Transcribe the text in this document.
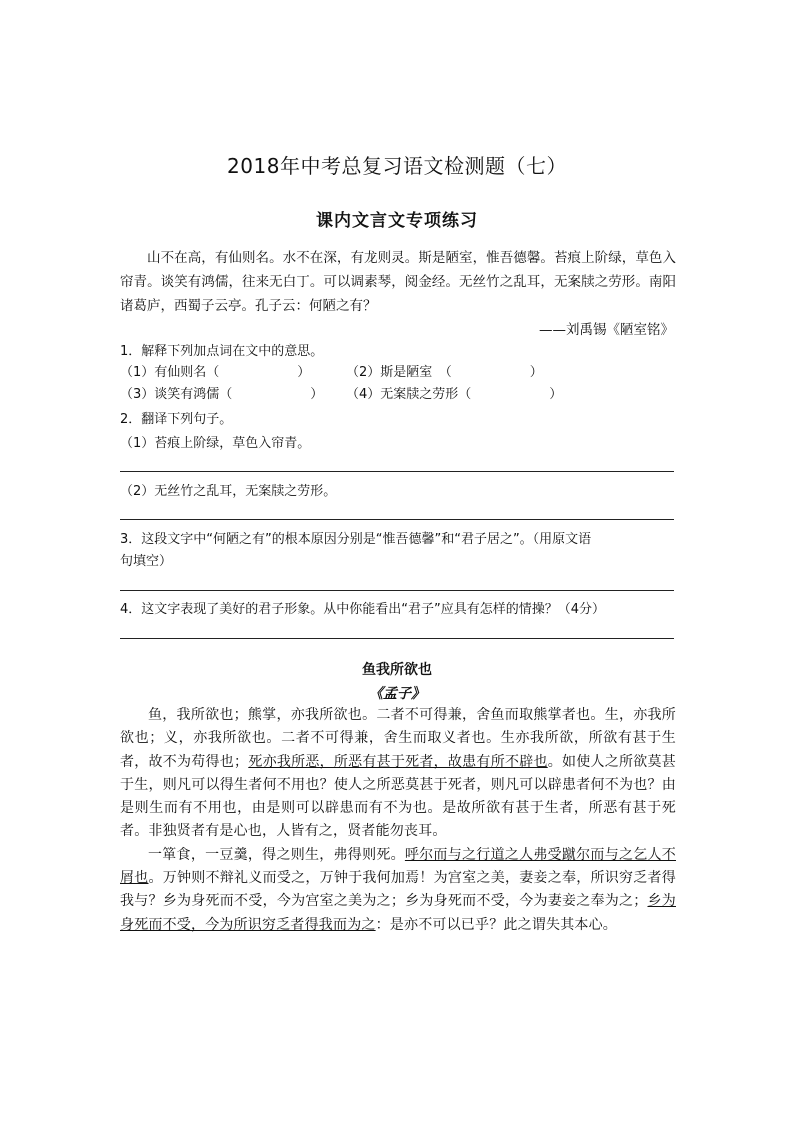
2018年中考总复习语文检测题（七）
课内文言文专项练习

山不在高，有仙则名。水不在深，有龙则灵。斯是陋室，惟吾德馨。苔痕上阶绿，草色入帘青。谈笑有鸿儒，往来无白丁。可以调素琴，阅金经。无丝竹之乱耳，无案牍之劳形。南阳诸葛庐，西蜀子云亭。孔子云：何陋之有？

——刘禹锡《陋室铭》
1．解释下列加点词在文中的意思。
（1）有仙则名（　　　　　　）	（2）斯是陋室　（　　　　　　）
（3）谈笑有鸿儒（　　　　　　）	（4）无案牍之劳形（　　　　　　）
2．翻译下列句子。
（1）苔痕上阶绿，草色入帘青。
（2）无丝竹之乱耳，无案牍之劳形。
3．这段文字中“何陋之有”的根本原因分别是“惟吾德馨”和“君子居之”。（用原文语
句填空）
4．这文字表现了美好的君子形象。从中你能看出“君子”应具有怎样的情操？（4分）
鱼我所欲也
《孟子》

鱼，我所欲也；熊掌，亦我所欲也。二者不可得兼，舍鱼而取熊掌者也。生，亦我所欲也；义，亦我所欲也。二者不可得兼，舍生而取义者也。生亦我所欲，所欲有甚于生者，故不为苟得也；死亦我所恶，所恶有甚于死者，故患有所不辟也。如使人之所欲莫甚于生，则凡可以得生者何不用也？使人之所恶莫甚于死者，则凡可以辟患者何不为也？由是则生而有不用也，由是则可以辟患而有不为也。是故所欲有甚于生者，所恶有甚于死者。非独贤者有是心也，人皆有之，贤者能勿丧耳。

一箪食，一豆羹，得之则生，弗得则死。呼尔而与之行道之人弗受蹴尔而与之乞人不屑也。万钟则不辩礼义而受之，万钟于我何加焉！为宫室之美，妻妾之奉，所识穷乏者得我与？乡为身死而不受，今为宫室之美为之；乡为身死而不受，今为妻妾之奉为之；乡为身死而不受，今为所识穷乏者得我而为之：是亦不可以已乎？此之谓失其本心。
